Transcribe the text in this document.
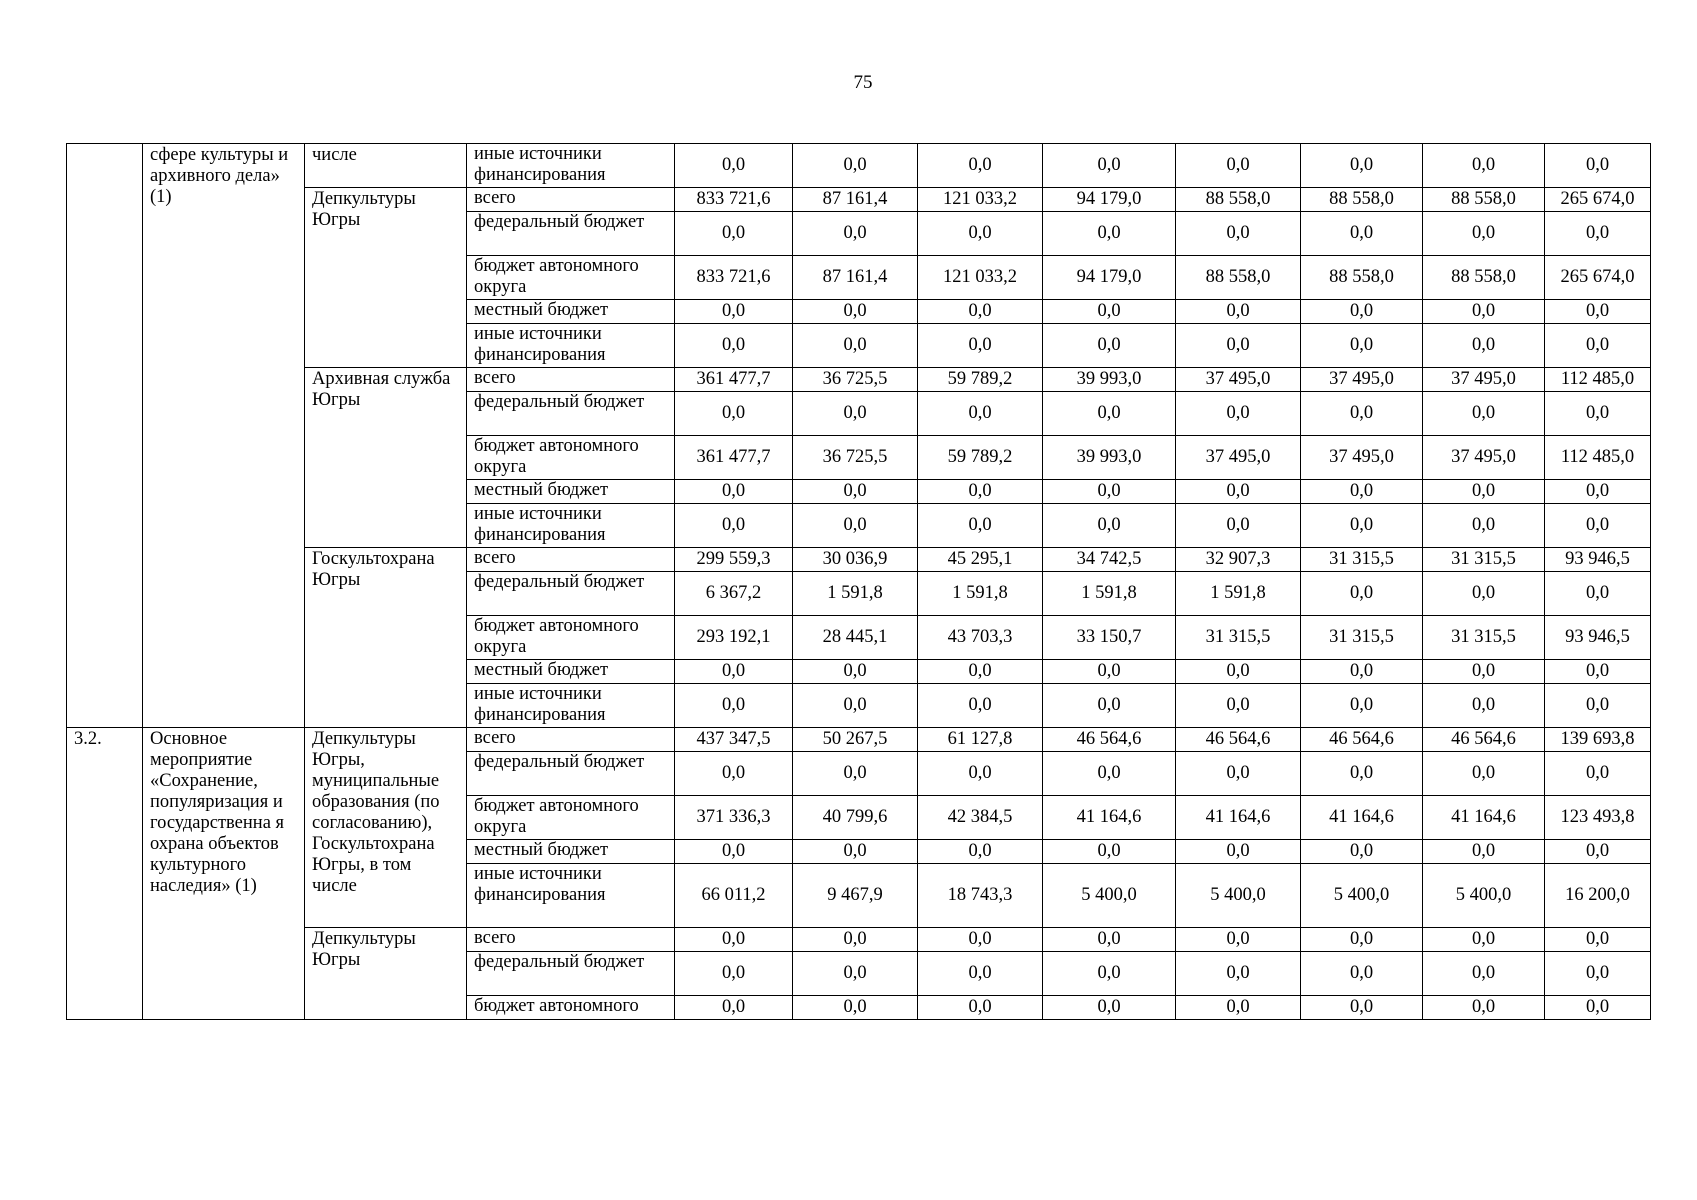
75
	сфере культуры и архивного дела» (1)	числе	иные источники финансирования	0,0	0,0	0,0	0,0	0,0	0,0	0,0	0,0
		Депкультуры Югры	всего	833 721,6	87 161,4	121 033,2	94 179,0	88 558,0	88 558,0	88 558,0	265 674,0
			федеральный бюджет	0,0	0,0	0,0	0,0	0,0	0,0	0,0	0,0
			бюджет автономного округа	833 721,6	87 161,4	121 033,2	94 179,0	88 558,0	88 558,0	88 558,0	265 674,0
			местный бюджет	0,0	0,0	0,0	0,0	0,0	0,0	0,0	0,0
			иные источники финансирования	0,0	0,0	0,0	0,0	0,0	0,0	0,0	0,0
		Архивная служба Югры	всего	361 477,7	36 725,5	59 789,2	39 993,0	37 495,0	37 495,0	37 495,0	112 485,0
			федеральный бюджет	0,0	0,0	0,0	0,0	0,0	0,0	0,0	0,0
			бюджет автономного округа	361 477,7	36 725,5	59 789,2	39 993,0	37 495,0	37 495,0	37 495,0	112 485,0
			местный бюджет	0,0	0,0	0,0	0,0	0,0	0,0	0,0	0,0
			иные источники финансирования	0,0	0,0	0,0	0,0	0,0	0,0	0,0	0,0
		Госкультохрана Югры	всего	299 559,3	30 036,9	45 295,1	34 742,5	32 907,3	31 315,5	31 315,5	93 946,5
			федеральный бюджет	6 367,2	1 591,8	1 591,8	1 591,8	1 591,8	0,0	0,0	0,0
			бюджет автономного округа	293 192,1	28 445,1	43 703,3	33 150,7	31 315,5	31 315,5	31 315,5	93 946,5
			местный бюджет	0,0	0,0	0,0	0,0	0,0	0,0	0,0	0,0
			иные источники финансирования	0,0	0,0	0,0	0,0	0,0	0,0	0,0	0,0
3.2.	Основное мероприятие «Сохранение, популяризация и государственна я охрана объектов культурного наследия» (1)	Депкультуры Югры, муниципальные образования (по согласованию), Госкультохрана Югры, в том числе	всего	437 347,5	50 267,5	61 127,8	46 564,6	46 564,6	46 564,6	46 564,6	139 693,8
			федеральный бюджет	0,0	0,0	0,0	0,0	0,0	0,0	0,0	0,0
			бюджет автономного округа	371 336,3	40 799,6	42 384,5	41 164,6	41 164,6	41 164,6	41 164,6	123 493,8
			местный бюджет	0,0	0,0	0,0	0,0	0,0	0,0	0,0	0,0
			иные источники финансирования	66 011,2	9 467,9	18 743,3	5 400,0	5 400,0	5 400,0	5 400,0	16 200,0
		Депкультуры Югры	всего	0,0	0,0	0,0	0,0	0,0	0,0	0,0	0,0
			федеральный бюджет	0,0	0,0	0,0	0,0	0,0	0,0	0,0	0,0
			бюджет автономного	0,0	0,0	0,0	0,0	0,0	0,0	0,0	0,0
